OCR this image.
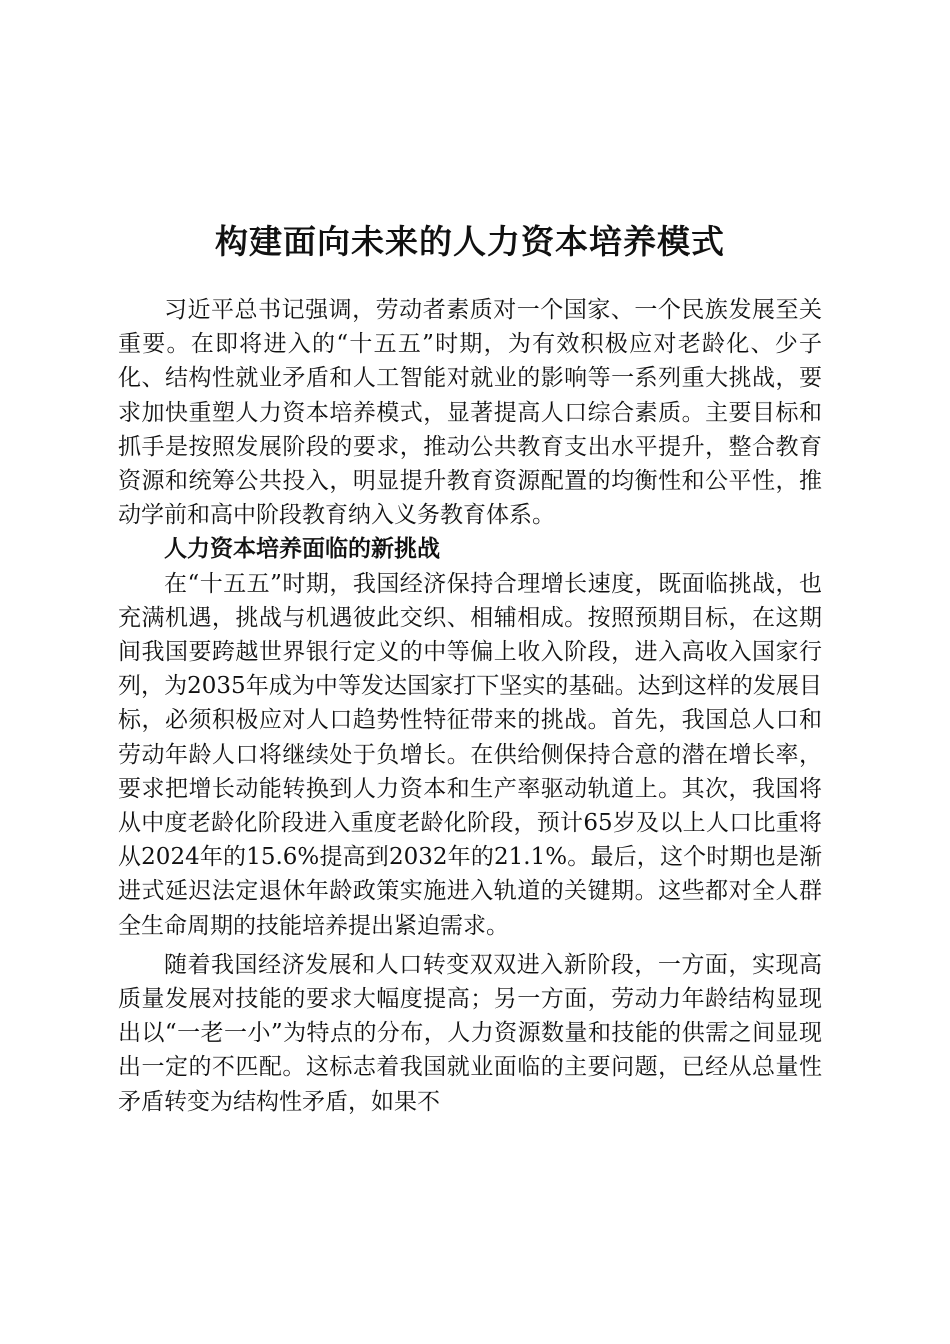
构建面向未来的人力资本培养模式

习近平总书记强调，劳动者素质对一个国家、一个民族发展至关重要。在即将进入的“十五五”时期，为有效积极应对老龄化、少子化、结构性就业矛盾和人工智能对就业的影响等一系列重大挑战，要求加快重塑人力资本培养模式，显著提高人口综合素质。主要目标和抓手是按照发展阶段的要求，推动公共教育支出水平提升，整合教育资源和统筹公共投入，明显提升教育资源配置的均衡性和公平性，推动学前和高中阶段教育纳入义务教育体系。

人力资本培养面临的新挑战

在“十五五”时期，我国经济保持合理增长速度，既面临挑战，也充满机遇，挑战与机遇彼此交织、相辅相成。按照预期目标，在这期间我国要跨越世界银行定义的中等偏上收入阶段，进入高收入国家行列，为2035年成为中等发达国家打下坚实的基础。达到这样的发展目标，必须积极应对人口趋势性特征带来的挑战。首先，我国总人口和劳动年龄人口将继续处于负增长。在供给侧保持合意的潜在增长率，要求把增长动能转换到人力资本和生产率驱动轨道上。其次，我国将从中度老龄化阶段进入重度老龄化阶段，预计65岁及以上人口比重将从2024年的15.6%提高到2032年的21.1%。最后，这个时期也是渐进式延迟法定退休年龄政策实施进入轨道的关键期。这些都对全人群全生命周期的技能培养提出紧迫需求。

随着我国经济发展和人口转变双双进入新阶段，一方面，实现高质量发展对技能的要求大幅度提高；另一方面，劳动力年龄结构显现出以“一老一小”为特点的分布，人力资源数量和技能的供需之间显现出一定的不匹配。这标志着我国就业面临的主要问题，已经从总量性矛盾转变为结构性矛盾，如果不
